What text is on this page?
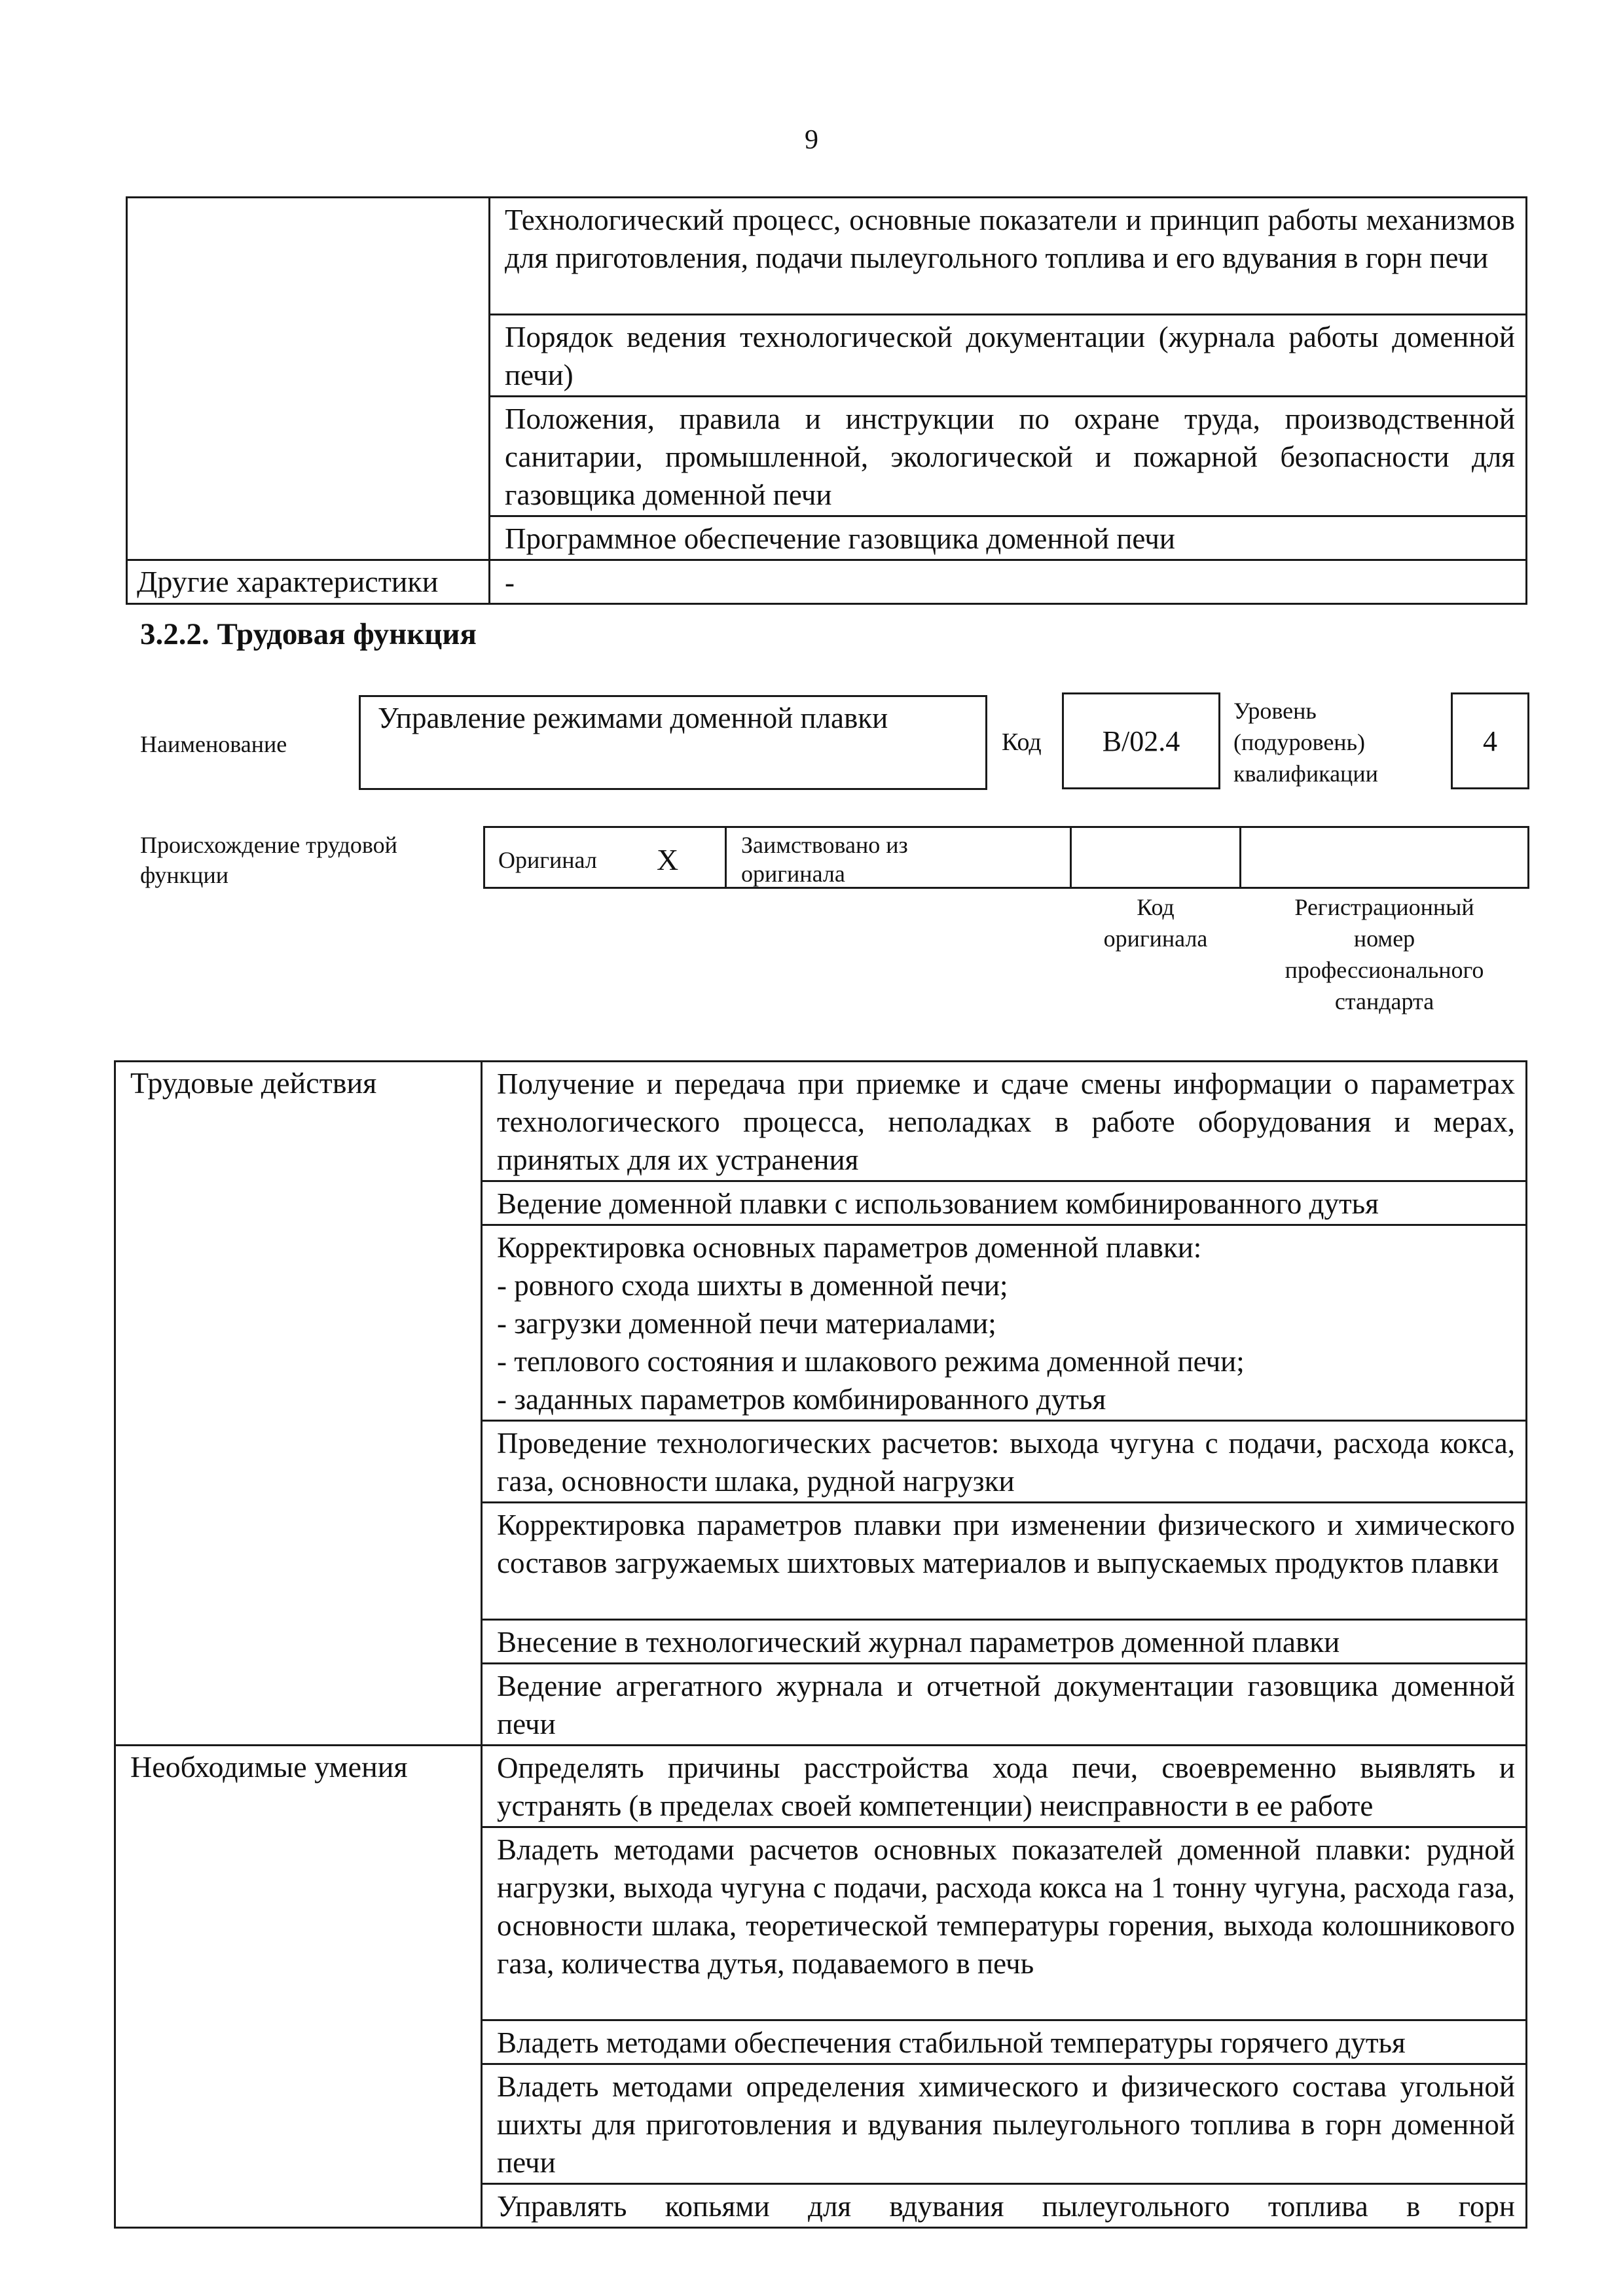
9
	Технологический процесс, основные показатели и принцип работы механизмов для приготовления, подачи пылеугольного топлива и его вдувания в горн печи
	Порядок ведения технологической документации (журнала работы доменной печи)
	Положения, правила и инструкции по охране труда, производственной санитарии, промышленной, экологической и пожарной безопасности для газовщика доменной печи
	Программное обеспечение газовщика доменной печи
Другие характеристики	-
3.2.2. Трудовая функция
Наименование
Управление режимами доменной плавки
Код	В/02.4
Уровень
(подуровень)
квалификации
4
Происхождение трудовой
функции
Оригинал X	Заимствовано из
оригинала
Код
оригинала
Регистрационный
номер
профессионального
стандарта
Трудовые действия	Получение и передача при приемке и сдаче смены информации о параметрах технологического процесса, неполадках в работе оборудования и мерах, принятых для их устранения
	Ведение доменной плавки с использованием комбинированного дутья
	Корректировка основных параметров доменной плавки:
- ровного схода шихты в доменной печи;
- загрузки доменной печи материалами;
- теплового состояния и шлакового режима доменной печи;
- заданных параметров комбинированного дутья
	Проведение технологических расчетов: выхода чугуна с подачи, расхода кокса, газа, основности шлака, рудной нагрузки
	Корректировка параметров плавки при изменении физического и химического составов загружаемых шихтовых материалов и выпускаемых продуктов плавки
	Внесение в технологический журнал параметров доменной плавки
	Ведение агрегатного журнала и отчетной документации газовщика доменной печи
Необходимые умения	Определять причины расстройства хода печи, своевременно выявлять и устранять (в пределах своей компетенции) неисправности в ее работе
	Владеть методами расчетов основных показателей доменной плавки: рудной нагрузки, выхода чугуна с подачи, расхода кокса на 1 тонну чугуна, расхода газа, основности шлака, теоретической температуры горения, выхода колошникового газа, количества дутья, подаваемого в печь
	Владеть методами обеспечения стабильной температуры горячего дутья
	Владеть методами определения химического и физического состава угольной шихты для приготовления и вдувания пылеугольного топлива в горн доменной печи
	Управлять копьями для вдувания пылеугольного топлива в горн
